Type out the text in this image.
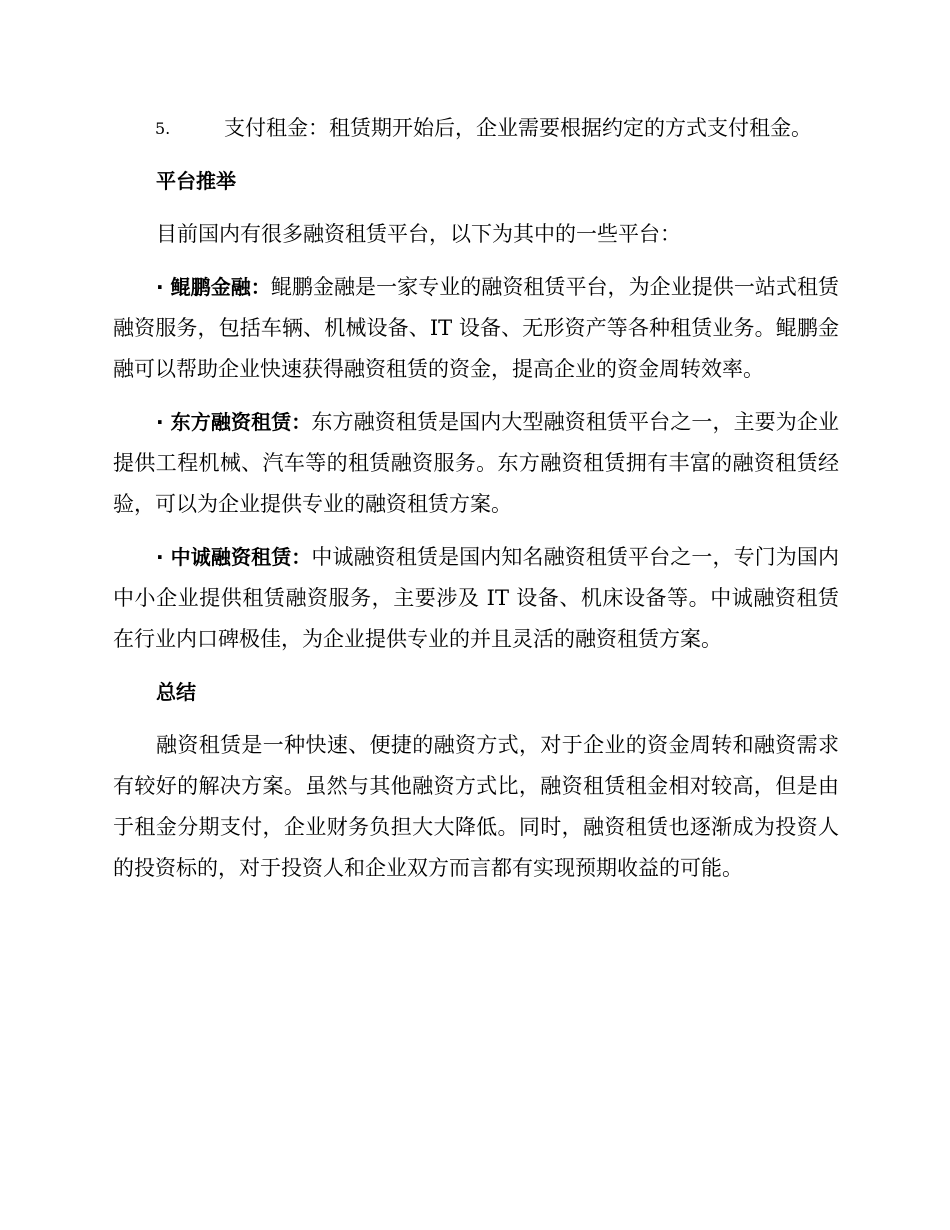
5.	支付租金：租赁期开始后，企业需要根据约定的方式支付租金。

平台推举

目前国内有很多融资租赁平台，以下为其中的一些平台：

· 鲲鹏金融：鲲鹏金融是一家专业的融资租赁平台，为企业提供一站式租赁融资服务，包括车辆、机械设备、IT 设备、无形资产等各种租赁业务。鲲鹏金融可以帮助企业快速获得融资租赁的资金，提高企业的资金周转效率。

· 东方融资租赁：东方融资租赁是国内大型融资租赁平台之一，主要为企业提供工程机械、汽车等的租赁融资服务。东方融资租赁拥有丰富的融资租赁经验，可以为企业提供专业的融资租赁方案。

· 中诚融资租赁：中诚融资租赁是国内知名融资租赁平台之一，专门为国内中小企业提供租赁融资服务，主要涉及 IT 设备、机床设备等。中诚融资租赁在行业内口碑极佳，为企业提供专业的并且灵活的融资租赁方案。

总结

融资租赁是一种快速、便捷的融资方式，对于企业的资金周转和融资需求有较好的解决方案。虽然与其他融资方式比，融资租赁租金相对较高，但是由于租金分期支付，企业财务负担大大降低。同时，融资租赁也逐渐成为投资人的投资标的，对于投资人和企业双方而言都有实现预期收益的可能。
